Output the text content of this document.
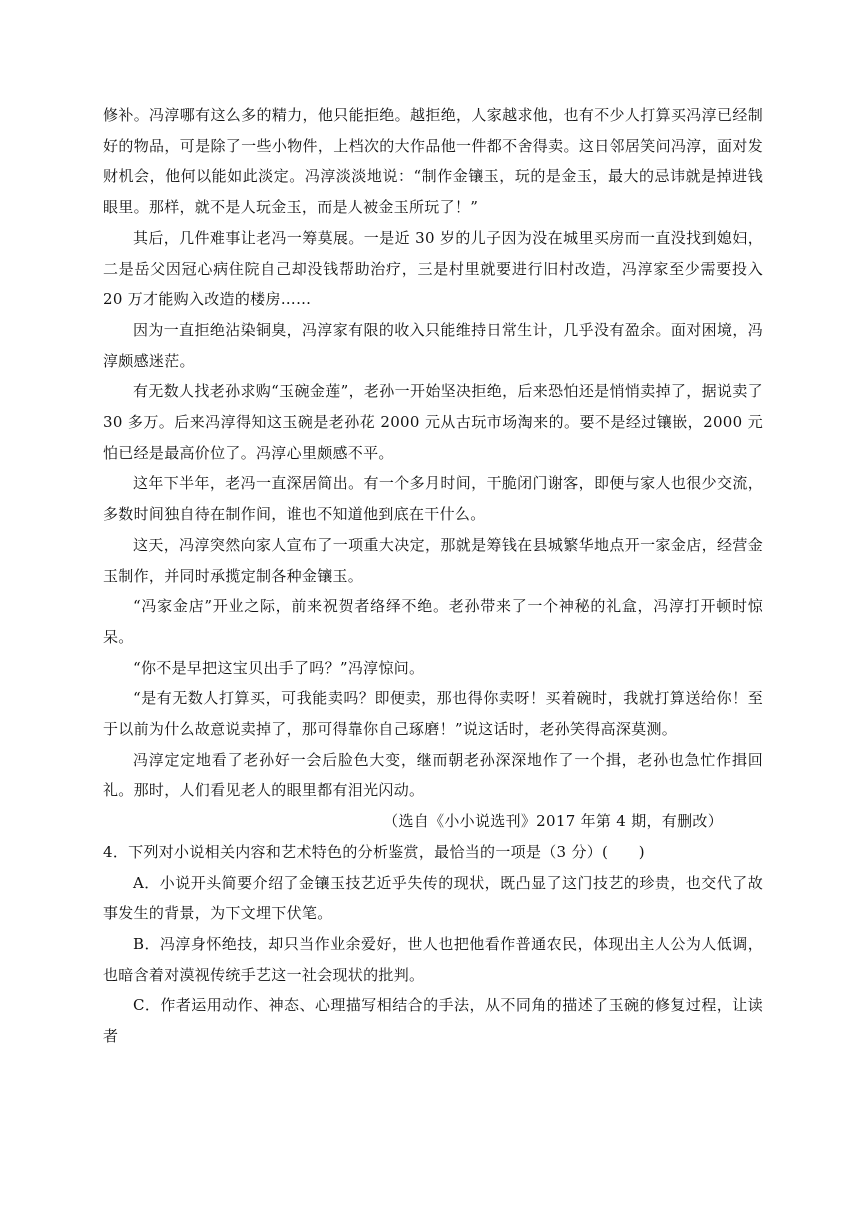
修补。冯淳哪有这么多的精力，他只能拒绝。越拒绝，人家越求他，也有不少人打算买冯淳已经制好的物品，可是除了一些小物件，上档次的大作品他一件都不舍得卖。这日邻居笑问冯淳，面对发财机会，他何以能如此淡定。冯淳淡淡地说：“制作金镶玉，玩的是金玉，最大的忌讳就是掉进钱眼里。那样，就不是人玩金玉，而是人被金玉所玩了！”

其后，几件难事让老冯一筹莫展。一是近 30 岁的儿子因为没在城里买房而一直没找到媳妇，二是岳父因冠心病住院自己却没钱帮助治疗，三是村里就要进行旧村改造，冯淳家至少需要投入 20 万才能购入改造的楼房……

因为一直拒绝沾染铜臭，冯淳家有限的收入只能维持日常生计，几乎没有盈余。面对困境，冯淳颇感迷茫。

有无数人找老孙求购“玉碗金莲”，老孙一开始坚决拒绝，后来恐怕还是悄悄卖掉了，据说卖了 30 多万。后来冯淳得知这玉碗是老孙花 2000 元从古玩市场淘来的。要不是经过镶嵌，2000 元怕已经是最高价位了。冯淳心里颇感不平。

这年下半年，老冯一直深居简出。有一个多月时间，干脆闭门谢客，即便与家人也很少交流，多数时间独自待在制作间，谁也不知道他到底在干什么。

这天，冯淳突然向家人宣布了一项重大决定，那就是筹钱在县城繁华地点开一家金店，经营金玉制作，并同时承揽定制各种金镶玉。

“冯家金店”开业之际，前来祝贺者络绎不绝。老孙带来了一个神秘的礼盒，冯淳打开顿时惊呆。

“你不是早把这宝贝出手了吗？”冯淳惊问。

“是有无数人打算买，可我能卖吗？即便卖，那也得你卖呀！买着碗时，我就打算送给你！至于以前为什么故意说卖掉了，那可得靠你自己琢磨！”说这话时，老孙笑得高深莫测。

冯淳定定地看了老孙好一会后脸色大变，继而朝老孙深深地作了一个揖，老孙也急忙作揖回礼。那时，人们看见老人的眼里都有泪光闪动。

（选自《小小说选刊》2017 年第 4 期，有删改）

4．下列对小说相关内容和艺术特色的分析鉴赏，最恰当的一项是（3 分）(　　)

A．小说开头简要介绍了金镶玉技艺近乎失传的现状，既凸显了这门技艺的珍贵，也交代了故事发生的背景，为下文埋下伏笔。

B．冯淳身怀绝技，却只当作业余爱好，世人也把他看作普通农民，体现出主人公为人低调，也暗含着对漠视传统手艺这一社会现状的批判。

C．作者运用动作、神态、心理描写相结合的手法，从不同角的描述了玉碗的修复过程，让读者
